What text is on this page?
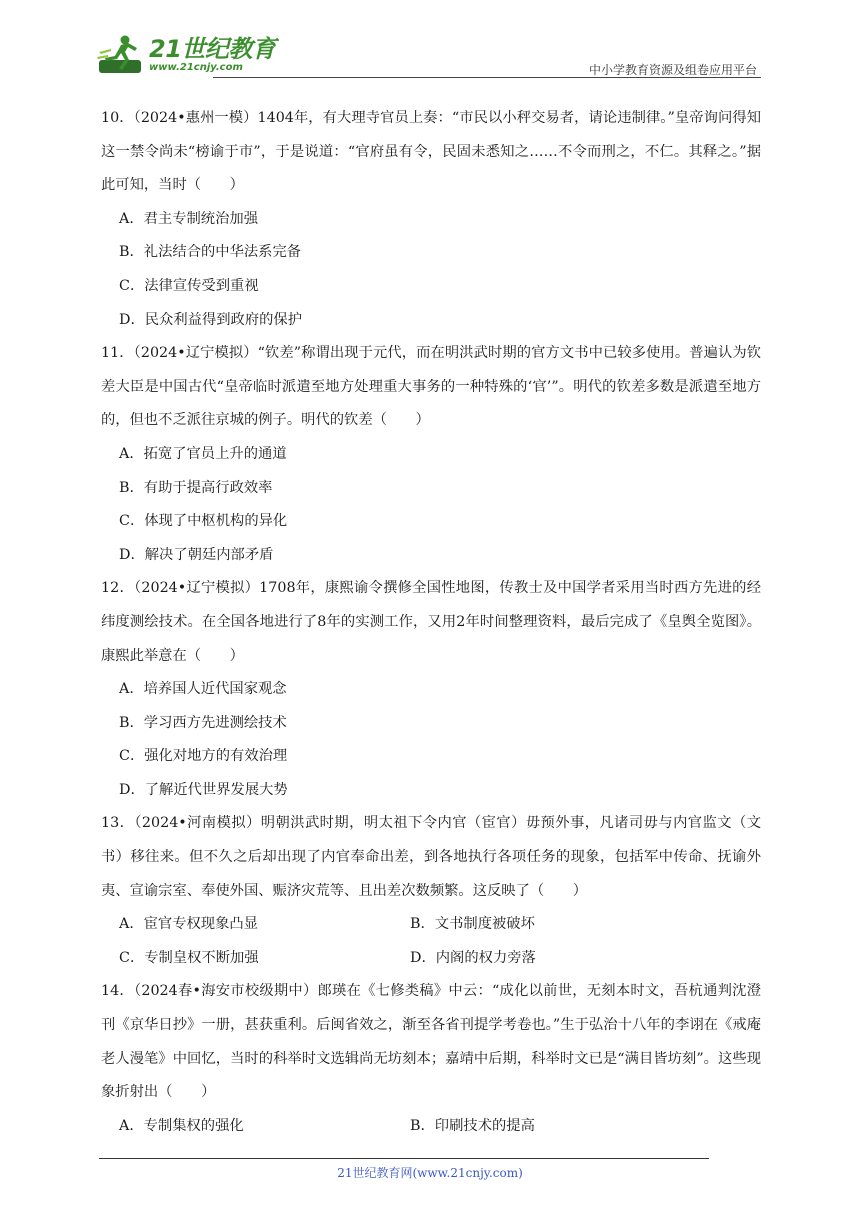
21世纪教育
www.21cnjy.com	中小学教育资源及组卷应用平台
10．（2024•惠州一模）1404年，有大理寺官员上奏：“市民以小秤交易者，请论违制律。”皇帝询问得知这一禁令尚未“榜谕于市”，于是说道：“官府虽有令，民固未悉知之……不令而刑之，不仁。其释之。”据此可知，当时（　　）
A．君主专制统治加强
B．礼法结合的中华法系完备
C．法律宣传受到重视
D．民众利益得到政府的保护
11．（2024•辽宁模拟）“钦差”称谓出现于元代，而在明洪武时期的官方文书中已较多使用。普遍认为钦差大臣是中国古代“皇帝临时派遣至地方处理重大事务的一种特殊的‘官’”。明代的钦差多数是派遣至地方的，但也不乏派往京城的例子。明代的钦差（　　）
A．拓宽了官员上升的通道
B．有助于提高行政效率
C．体现了中枢机构的异化
D．解决了朝廷内部矛盾
12．（2024•辽宁模拟）1708年，康熙谕令撰修全国性地图，传教士及中国学者采用当时西方先进的经纬度测绘技术。在全国各地进行了8年的实测工作，又用2年时间整理资料，最后完成了《皇舆全览图》。康熙此举意在（　　）
A．培养国人近代国家观念
B．学习西方先进测绘技术
C．强化对地方的有效治理
D．了解近代世界发展大势
13．（2024•河南模拟）明朝洪武时期，明太祖下令内官（宦官）毋预外事，凡诸司毋与内官监文（文书）移往来。但不久之后却出现了内官奉命出差，到各地执行各项任务的现象，包括军中传命、抚谕外夷、宣谕宗室、奉使外国、赈济灾荒等、且出差次数频繁。这反映了（　　）
A．宦官专权现象凸显	B．文书制度被破坏
C．专制皇权不断加强	D．内阁的权力旁落
14．（2024春•海安市校级期中）郎瑛在《七修类稿》中云：“成化以前世，无刻本时文，吾杭通判沈澄刊《京华日抄》一册，甚获重利。后闽省效之，渐至各省刊提学考卷也。”生于弘治十八年的李诩在《戒庵老人漫笔》中回忆，当时的科举时文选辑尚无坊刻本；嘉靖中后期，科举时文已是“满目皆坊刻”。这些现象折射出（　　）
A．专制集权的强化	B．印刷技术的提高
21世纪教育网(www.21cnjy.com)
